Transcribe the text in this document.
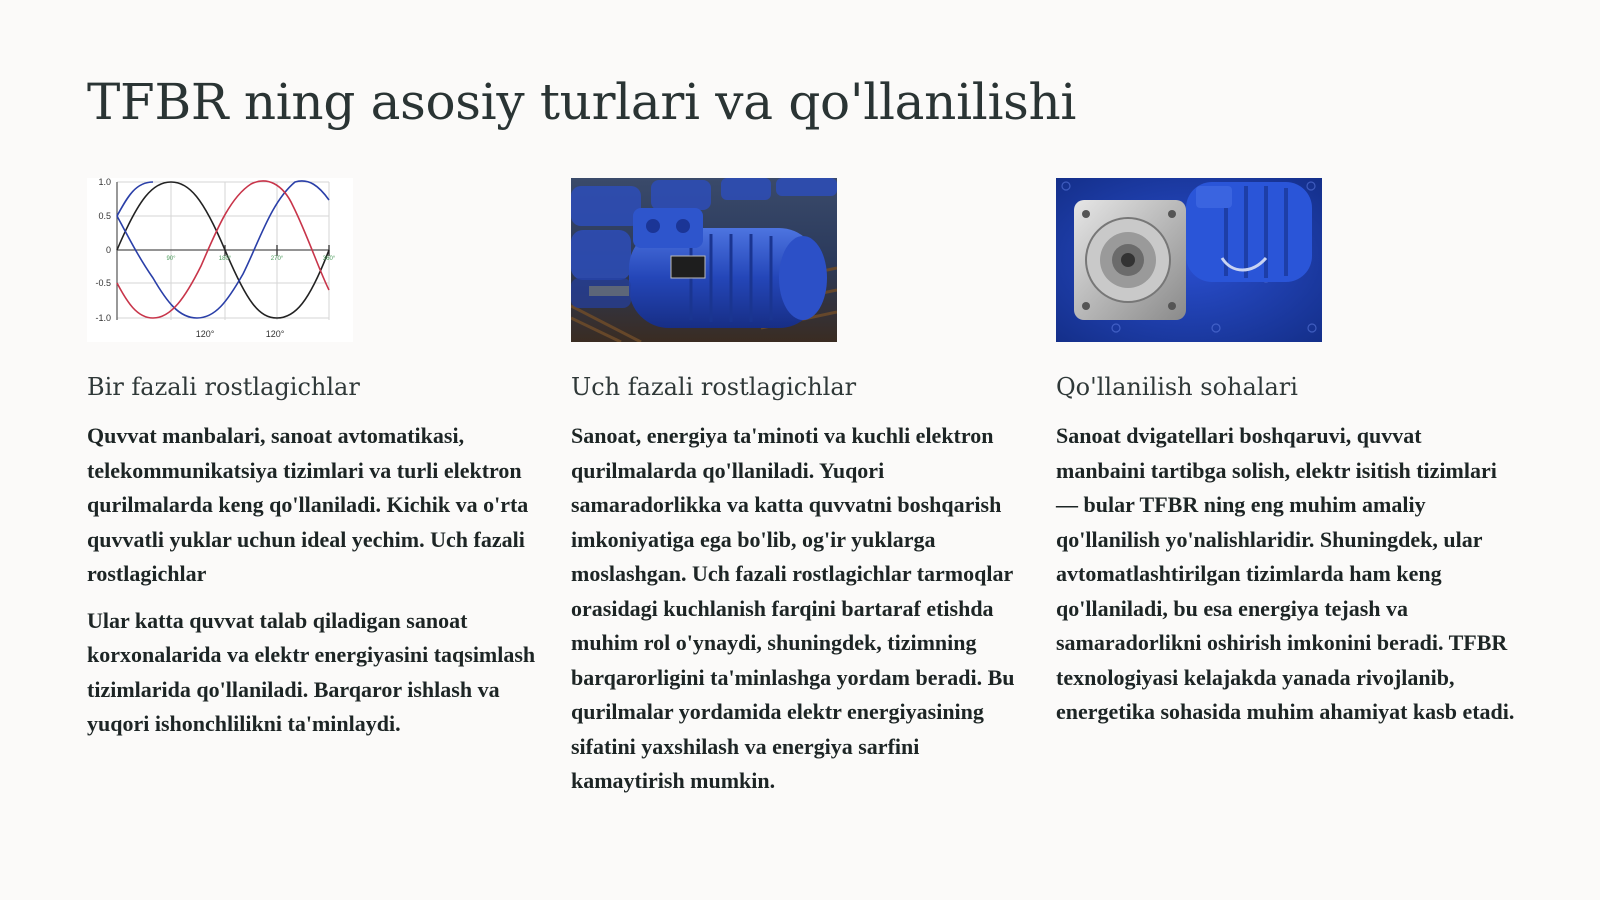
TFBR ning asosiy turlari va qo'llanilishi
1.0
0.5
0
-0.5
-1.0
90°	180°	270°	360°
120°	120°
Bir fazali rostlagichlar

Quvvat manbalari, sanoat avtomatikasi, telekommunikatsiya tizimlari va turli elektron qurilmalarda keng qo'llaniladi. Kichik va o'rta quvvatli yuklar uchun ideal yechim. Uch fazali rostlagichlar

Ular katta quvvat talab qiladigan sanoat korxonalarida va elektr energiyasini taqsimlash tizimlarida qo'llaniladi. Barqaror ishlash va yuqori ishonchlilikni ta'minlaydi.

Uch fazali rostlagichlar

Sanoat, energiya ta'minoti va kuchli elektron qurilmalarda qo'llaniladi. Yuqori samaradorlikka va katta quvvatni boshqarish imkoniyatiga ega bo'lib, og'ir yuklarga moslashgan. Uch fazali rostlagichlar tarmoqlar orasidagi kuchlanish farqini bartaraf etishda muhim rol o'ynaydi, shuningdek, tizimning barqarorligini ta'minlashga yordam beradi. Bu qurilmalar yordamida elektr energiyasining sifatini yaxshilash va energiya sarfini kamaytirish mumkin.

Qo'llanilish sohalari

Sanoat dvigatellari boshqaruvi, quvvat manbaini tartibga solish, elektr isitish tizimlari — bular TFBR ning eng muhim amaliy qo'llanilish yo'nalishlaridir. Shuningdek, ular avtomatlashtirilgan tizimlarda ham keng qo'llaniladi, bu esa energiya tejash va samaradorlikni oshirish imkonini beradi. TFBR texnologiyasi kelajakda yanada rivojlanib, energetika sohasida muhim ahamiyat kasb etadi.
